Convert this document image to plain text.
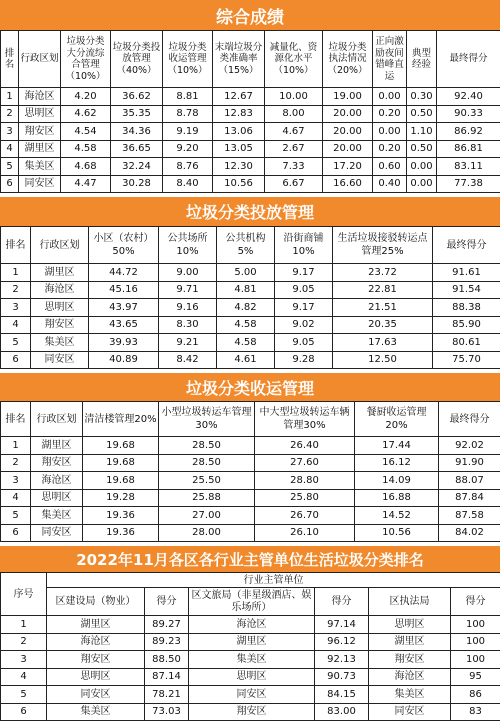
综合成绩
排名	行政区划	垃圾分类大分流综合管理（10%）	垃圾分类投放管理（40%）	垃圾分类收运管理（10%）	末端垃圾分类准确率（15%）	减量化、资源化水平（10%）	垃圾分类执法情况（20%）	正向激励夜间错峰直运	典型经验	最终得分
1	海沧区	4.20	36.62	8.81	12.67	10.00	19.00	0.00	0.30	92.40
2	思明区	4.62	35.35	8.78	12.83	8.00	20.00	0.20	0.50	90.33
3	翔安区	4.54	34.36	9.19	13.06	4.67	20.00	0.00	1.10	86.92
4	湖里区	4.58	36.65	9.20	13.05	2.67	20.00	0.20	0.50	86.81
5	集美区	4.68	32.24	8.76	12.30	7.33	17.20	0.60	0.00	83.11
6	同安区	4.47	30.28	8.40	10.56	6.67	16.60	0.40	0.00	77.38
垃圾分类投放管理
排名	行政区划	小区（农村）50%	公共场所10%	公共机构5%	沿街商铺10%	生活垃圾接驳转运点管理25%	最终得分
1	湖里区	44.72	9.00	5.00	9.17	23.72	91.61
2	海沧区	45.16	9.71	4.81	9.05	22.81	91.54
3	思明区	43.97	9.16	4.82	9.17	21.51	88.38
4	翔安区	43.65	8.30	4.58	9.02	20.35	85.90
5	集美区	39.93	9.21	4.58	9.05	17.63	80.61
6	同安区	40.89	8.42	4.61	9.28	12.50	75.70
垃圾分类收运管理
排名	行政区划	清洁楼管理20%	小型垃圾转运车管理30%	中大型垃圾转运车辆管理30%	餐厨收运管理20%	最终得分
1	湖里区	19.68	28.50	26.40	17.44	92.02
2	翔安区	19.68	28.50	27.60	16.12	91.90
3	海沧区	19.68	25.50	28.80	14.09	88.07
4	思明区	19.28	25.88	25.80	16.88	87.84
5	集美区	19.36	27.00	26.70	14.52	87.58
6	同安区	19.36	28.00	26.10	10.56	84.02
2022年11月各区各行业主管单位生活垃圾分类排名
序号	行业主管单位					
	区建设局（物业）	得分	区文旅局（非星级酒店、娱乐场所）	得分	区执法局	得分
1	湖里区	89.27	海沧区	97.14	思明区	100
2	海沧区	89.23	湖里区	96.12	湖里区	100
3	翔安区	88.50	集美区	92.13	翔安区	100
4	思明区	87.14	思明区	90.73	海沧区	95
5	同安区	78.21	同安区	84.15	集美区	86
6	集美区	73.03	翔安区	83.00	同安区	83
